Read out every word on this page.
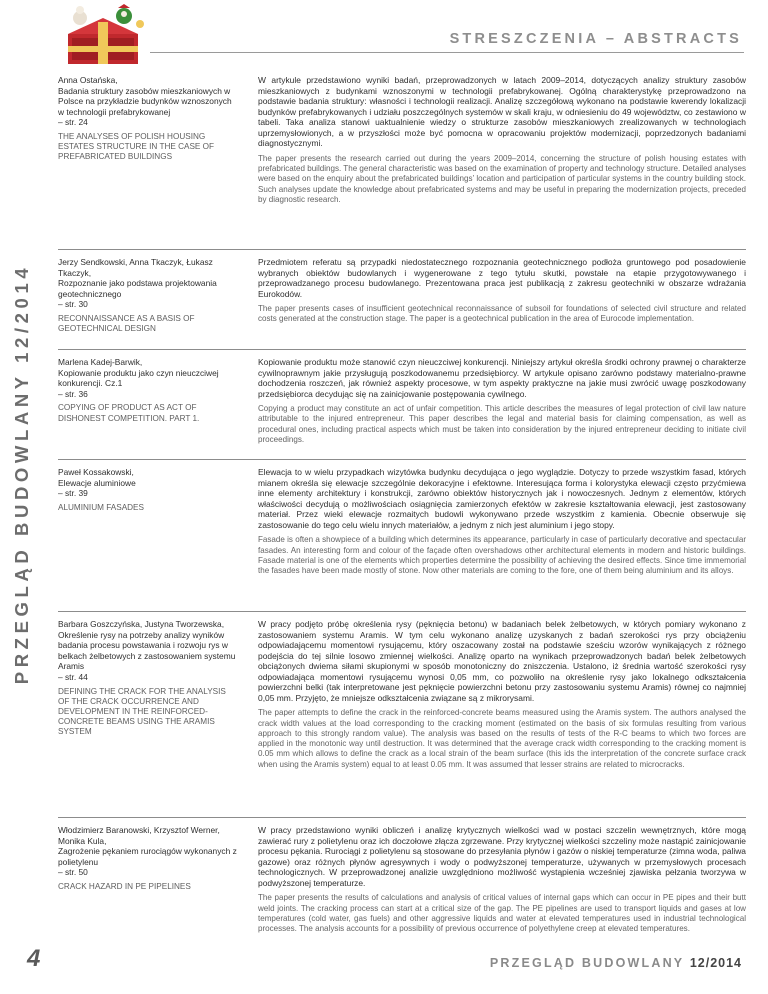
STRESZCZENIA – ABSTRACTS
PRZEGLĄD BUDOWLANY 12/2014
Anna Ostańska,
Badania struktury zasobów mieszkaniowych w Polsce na przykładzie budynków wznoszonych w technologii prefabrykowanej
– str. 24
THE ANALYSES OF POLISH HOUSING ESTATES STRUCTURE IN THE CASE OF PREFABRICATED BUILDINGS
W artykule przedstawiono wyniki badań, przeprowadzonych w latach 2009–2014, dotyczących analizy struktury zasobów mieszkaniowych z budynkami wznoszonymi w technologii prefabrykowanej. Ogólną charakterystykę przeprowadzono na podstawie badania struktury: własności i technologii realizacji. Analizę szczegółową wykonano na podstawie kwerendy lokalizacji budynków prefabrykowanych i udziału poszczególnych systemów w skali kraju, w odniesieniu do 49 województw, co zestawiono w tabeli. Taka analiza stanowi uaktualnienie wiedzy o strukturze zasobów mieszkaniowych zrealizowanych w technologiach uprzemysłowionych, a w przyszłości może być pomocna w opracowaniu projektów modernizacji, poprzedzonych badaniami diagnostycznymi.
The paper presents the research carried out during the years 2009–2014, concerning the structure of polish housing estates with prefabricated buildings. The general characteristic was based on the examination of property and technology structure. Detailed analyses were based on the enquiry about the prefabricated buildings’ location and participation of particular systems in the country building stock. Such analyses update the knowledge about prefabricated systems and may be useful in preparing the modernization projects, preceded by diagnostic research.
Jerzy Sendkowski, Anna Tkaczyk, Łukasz Tkaczyk,
Rozpoznanie jako podstawa projektowania geotechnicznego
– str. 30
RECONNAISSANCE AS A BASIS OF GEOTECHNICAL DESIGN
Przedmiotem referatu są przypadki niedostatecznego rozpoznania geotechnicznego podłoża gruntowego pod posadowienie wybranych obiektów budowlanych i wygenerowane z tego tytułu skutki, powstałe na etapie przygotowywanego i przeprowadzanego procesu budowlanego. Prezentowana praca jest publikacją z zakresu geotechniki w obszarze wdrażania Eurokodów.
The paper presents cases of insufficient geotechnical reconnaissance of subsoil for foundations of selected civil structure and related costs generated at the construction stage. The paper is a geotechnical publication in the area of Eurocode implementation.
Marlena Kadej-Barwik,
Kopiowanie produktu jako czyn nieuczciwej konkurencji. Cz.1
– str. 36
COPYING OF PRODUCT AS ACT OF DISHONEST COMPETITION. PART 1.
Kopiowanie produktu może stanowić czyn nieuczciwej konkurencji. Niniejszy artykuł określa środki ochrony prawnej o charakterze cywilnoprawnym jakie przysługują poszkodowanemu przedsiębiorcy. W artykule opisano zarówno podstawy materialno-prawne dochodzenia roszczeń, jak również aspekty procesowe, w tym aspekty praktyczne na jakie musi zwrócić uwagę poszkodowany przedsiębiorca decydując się na zainicjowanie postępowania cywilnego.
Copying a product may constitute an act of unfair competition. This article describes the measures of legal protection of civil law nature attributable to the injured entrepreneur. This paper describes the legal and material basis for claiming compensation, as well as procedural ones, including practical aspects which must be taken into consideration by the injured entrepreneur deciding to initiate civil proceedings.
Paweł Kossakowski,
Elewacje aluminiowe
– str. 39
ALUMINIUM FASADES
Elewacja to w wielu przypadkach wizytówka budynku decydująca o jego wyglądzie. Dotyczy to przede wszystkim fasad, których mianem określa się elewacje szczególnie dekoracyjne i efektowne. Interesująca forma i kolorystyka elewacji często przyćmiewa inne elementy architektury i konstrukcji, zarówno obiektów historycznych jak i nowoczesnych. Jednym z elementów, których właściwości decydują o możliwościach osiągnięcia zamierzonych efektów w zakresie kształtowania elewacji, jest zastosowany materiał. Przez wieki elewacje rozmaitych budowli wykonywano przede wszystkim z kamienia. Obecnie obserwuje się zastosowanie do tego celu wielu innych materiałów, a jednym z nich jest aluminium i jego stopy.
Fasade is often a showpiece of a building which determines its appearance, particularly in case of particularly decorative and spectacular fasades. An interesting form and colour of the façade often overshadows other architectural elements in modern and historic buildings. Fasade material is one of the elements which properties determine the possibility of achieving the desired effects. Since time immemorial the fasades have been made mostly of stone. Now other materials are coming to the fore, one of them being aluminium and its alloys.
Barbara Goszczyńska, Justyna Tworzewska,
Określenie rysy na potrzeby analizy wyników badania procesu powstawania i rozwoju rys w belkach żelbetowych z zastosowaniem systemu Aramis
– str. 44
DEFINING THE CRACK FOR THE ANALYSIS OF THE CRACK OCCURRENCE AND DEVELOPMENT IN THE REINFORCED-CONCRETE BEAMS USING THE ARAMIS SYSTEM
W pracy podjęto próbę określenia rysy (pęknięcia betonu) w badaniach belek żelbetowych, w których pomiary wykonano z zastosowaniem systemu Aramis. W tym celu wykonano analizę uzyskanych z badań szerokości rys przy obciążeniu odpowiadającemu momentowi rysującemu, który oszacowany został na podstawie sześciu wzorów wynikających z różnego podejścia do tej silnie losowo zmiennej wielkości. Analizę oparto na wynikach przeprowadzonych badań belek żelbetowych obciążonych dwiema siłami skupionymi w sposób monotoniczny do zniszczenia. Ustalono, iż średnia wartość szerokości rysy odpowiadająca momentowi rysującemu wynosi 0,05 mm, co pozwoliło na określenie rysy jako lokalnego odkształcenia powierzchni belki (tak interpretowane jest pęknięcie powierzchni betonu przy zastosowaniu systemu Aramis) równej co najmniej 0,05 mm. Przyjęto, że mniejsze odkształcenia związane są z mikrorysami.
The paper attempts to define the crack in the reinforced-concrete beams measured using the Aramis system. The authors analysed the crack width values at the load corresponding to the cracking moment (estimated on the basis of six formulas resulting from various approach to this strongly random value). The analysis was based on the results of tests of the R-C beams to which two forces are applied in the monotonic way until destruction. It was determined that the average crack width corresponding to the cracking moment is 0.05 mm which allows to define the crack as a local strain of the beam surface (this ids the interpretation of the concrete surface crack when using the Aramis system) equal to at least 0.05 mm. It was assumed that lesser strains are related to microcracks.
Włodzimierz Baranowski, Krzysztof Werner, Monika Kula,
Zagrożenie pękaniem rurociągów wykonanych z polietylenu
– str. 50
CRACK HAZARD IN PE PIPELINES
W pracy przedstawiono wyniki obliczeń i analizę krytycznych wielkości wad w postaci szczelin wewnętrznych, które mogą zawierać rury z polietylenu oraz ich doczołowe złącza zgrzewane. Przy krytycznej wielkości szczeliny może nastąpić zainicjowanie procesu pękania. Rurociągi z polietylenu są stosowane do przesyłania płynów i gazów o niskiej temperaturze (zimna woda, paliwa gazowe) oraz różnych płynów agresywnych i wody o podwyższonej temperaturze, używanych w przemysłowych procesach technologicznych. W przeprowadzonej analizie uwzględniono możliwość wystąpienia wcześniej zjawiska pełzania tworzywa w podwyższonej temperaturze.
The paper presents the results of calculations and analysis of critical values of internal gaps which can occur in PE pipes and their butt weld joints. The cracking process can start at a critical size of the gap. The PE pipelines are used to transport liquids and gases at low temperatures (cold water, gas fuels) and other aggressive liquids and water at elevated temperatures used in industrial technological processes. The analysis accounts for a possibility of previous occurrence of polyethylene creep at elevated temperatures.
4	PRZEGLĄD BUDOWLANY 12/2014
